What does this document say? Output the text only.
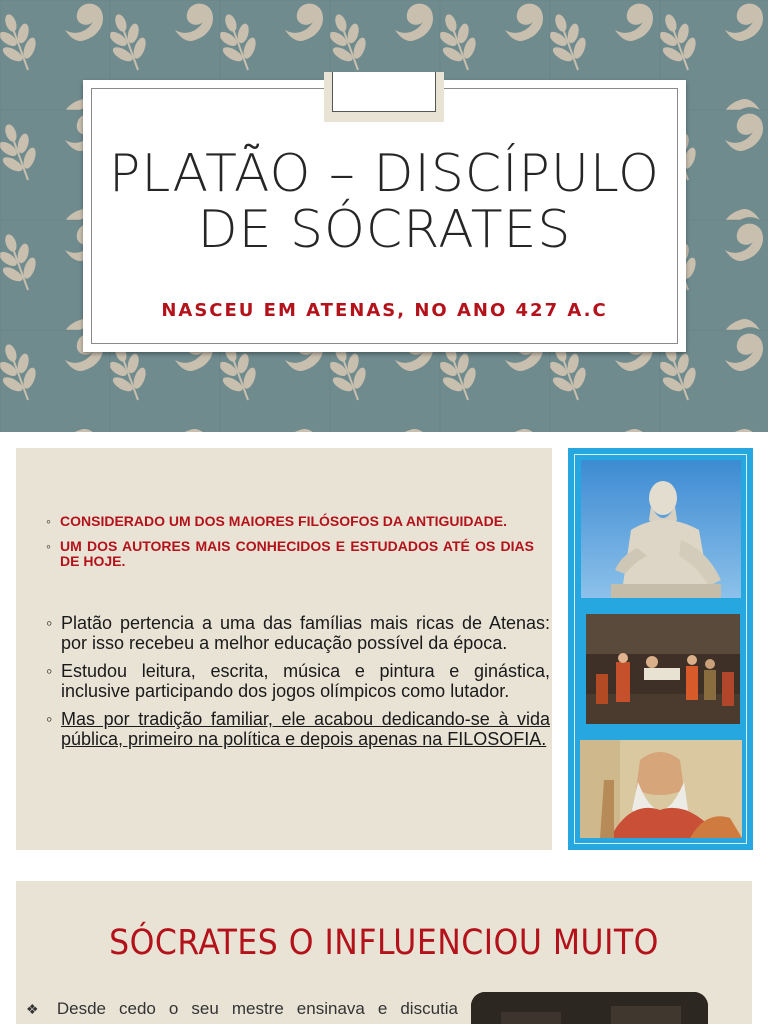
PLATÃO – DISCÍPULO
DE SÓCRATES
NASCEU EM ATENAS, NO ANO 427 A.C
◦ CONSIDERADO UM DOS MAIORES FILÓSOFOS DA ANTIGUIDADE.
◦ UM DOS AUTORES MAIS CONHECIDOS E ESTUDADOS ATÉ OS DIAS DE HOJE.
◦ Platão pertencia a uma das famílias mais ricas de Atenas: por isso recebeu a melhor educação possível da época.
◦ Estudou leitura, escrita, música e pintura e ginástica, inclusive participando dos jogos olímpicos como lutador.
◦ Mas por tradição familiar, ele acabou dedicando-se à vida pública, primeiro na política e depois apenas na FILOSOFIA.
SÓCRATES O INFLUENCIOU MUITO
❖ Desde cedo o seu mestre ensinava e discutia
